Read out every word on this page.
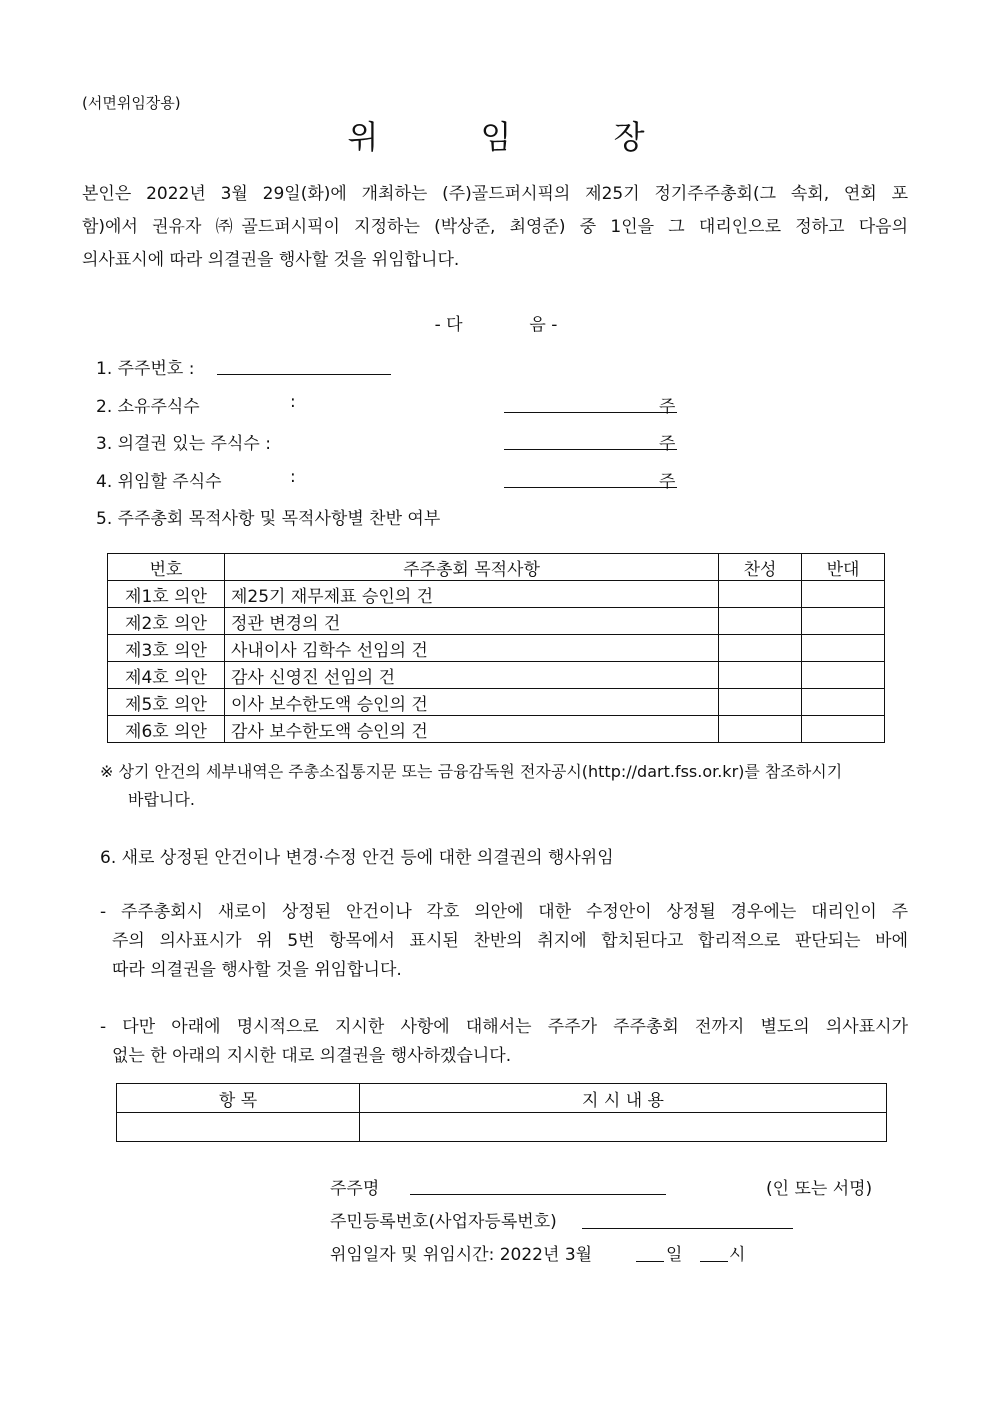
(서면위임장용)
위 임 장
본인은 2022년 3월 29일(화)에 개최하는 (주)골드퍼시픽의 제25기 정기주주총회(그 속회, 연회 포
함)에서 권유자 ㈜골드퍼시픽이 지정하는 (박상준, 최영준) 중 1인을 그 대리인으로 정하고 다음의
의사표시에 따라 의결권을 행사할 것을 위임합니다.
- 다	음 -
1. 주주번호 :
2. 소유주식수	:	주
3. 의결권 있는 주식수 :	주
4. 위임할 주식수	:	주
5. 주주총회 목적사항 및 목적사항별 찬반 여부
번호	주주총회 목적사항	찬성	반대
제1호 의안	제25기 재무제표 승인의 건		
제2호 의안	정관 변경의 건		
제3호 의안	사내이사 김학수 선임의 건		
제4호 의안	감사 신영진 선임의 건		
제5호 의안	이사 보수한도액 승인의 건		
제6호 의안	감사 보수한도액 승인의 건		
※ 상기 안건의 세부내역은 주총소집통지문 또는 금융감독원 전자공시(http://dart.fss.or.kr)를 참조하시기
바랍니다.
6. 새로 상정된 안건이나 변경·수정 안건 등에 대한 의결권의 행사위임
- 주주총회시 새로이 상정된 안건이나 각호 의안에 대한 수정안이 상정될 경우에는 대리인이 주
주의 의사표시가 위 5번 항목에서 표시된 찬반의 취지에 합치된다고 합리적으로 판단되는 바에
따라 의결권을 행사할 것을 위임합니다.
- 다만 아래에 명시적으로 지시한 사항에 대해서는 주주가 주주총회 전까지 별도의 의사표시가
없는 한 아래의 지시한 대로 의결권을 행사하겠습니다.
항 목	지 시 내 용

주주명	(인 또는 서명)
주민등록번호(사업자등록번호)
위임일자 및 위임시간: 2022년 3월	일	시
